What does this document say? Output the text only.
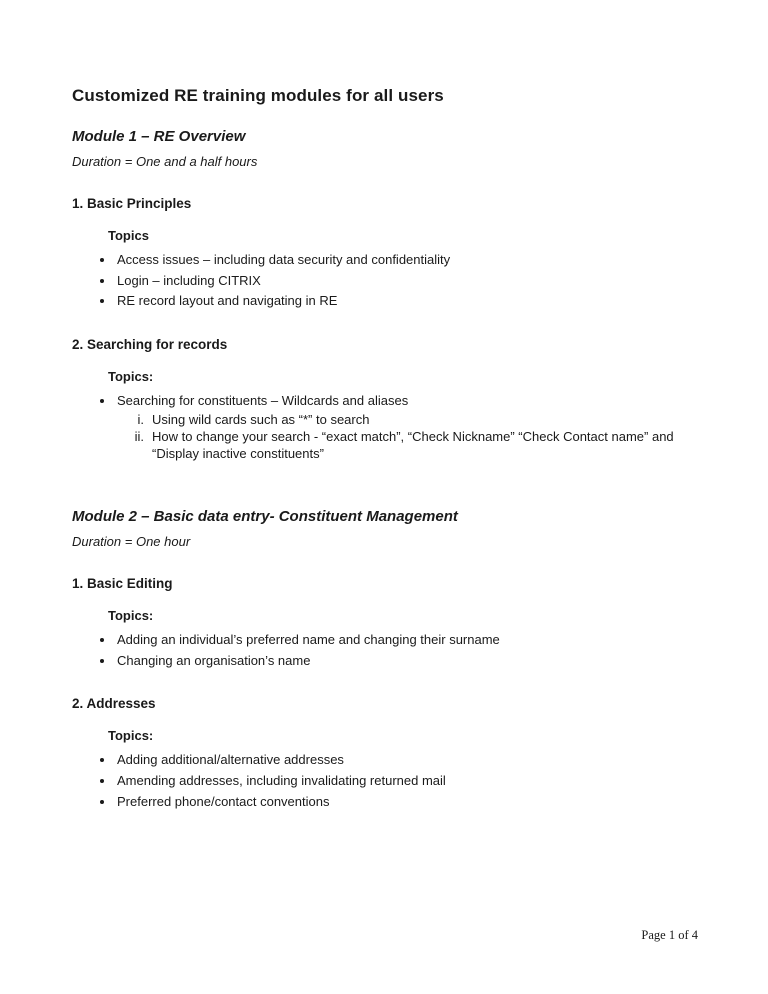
Customized RE training modules for all users
Module 1 – RE Overview

Duration = One and a half hours

1. Basic Principles
Topics
• Access issues – including data security and confidentiality
• Login – including CITRIX
• RE record layout and navigating in RE
2. Searching for records
Topics:
• Searching for constituents – Wildcards and aliases
i. Using wild cards such as “*” to search
ii. How to change your search - “exact match”, “Check Nickname” “Check Contact name” and “Display inactive constituents”
Module 2 – Basic data entry- Constituent Management

Duration = One hour

1. Basic Editing
Topics:
• Adding an individual’s preferred name and changing their surname
• Changing an organisation’s name
2. Addresses
Topics:
• Adding additional/alternative addresses
• Amending addresses, including invalidating returned mail
• Preferred phone/contact conventions
Page 1 of 4
